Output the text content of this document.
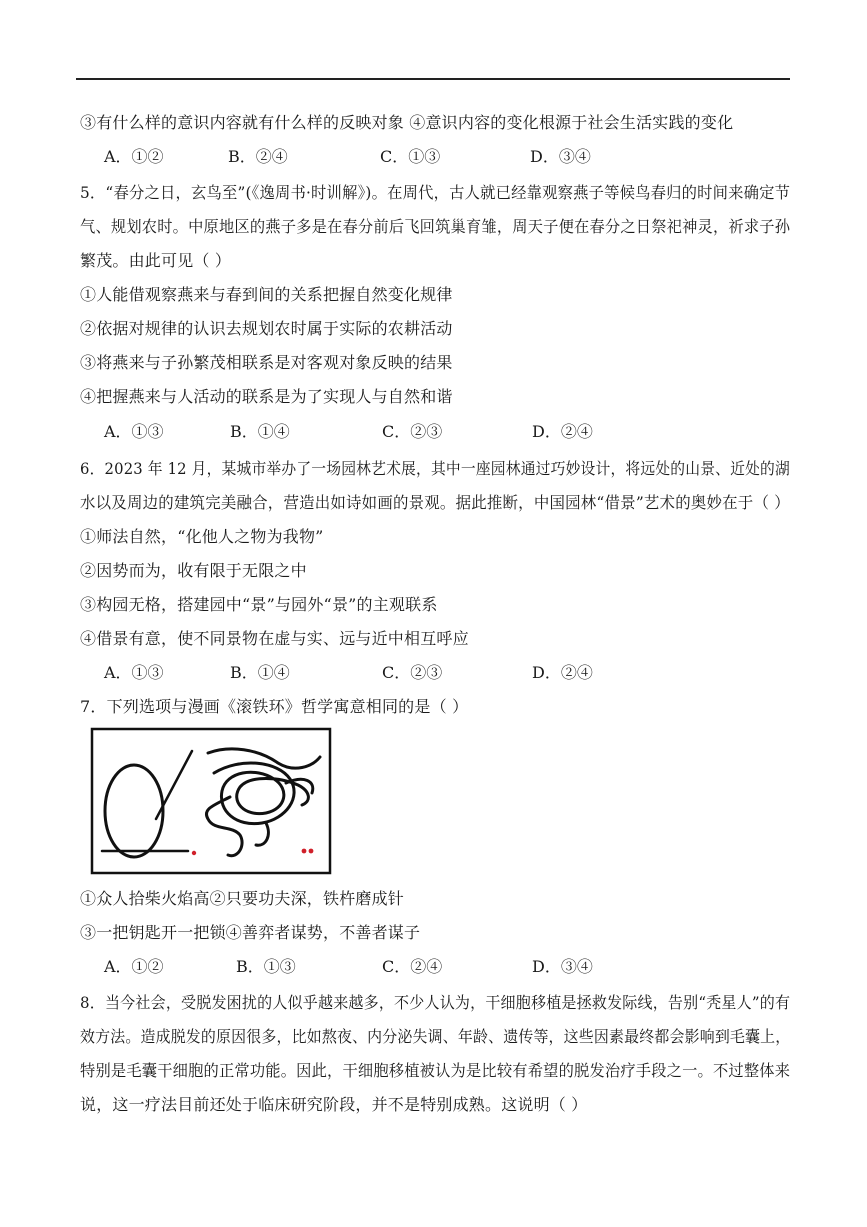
③有什么样的意识内容就有什么样的反映对象 ④意识内容的变化根源于社会生活实践的变化
A．①②	B．②④	C．①③	D．③④
5．“春分之日，玄鸟至”(《逸周书·时训解》)。在周代，古人就已经靠观察燕子等候鸟春归的时间来确定节
气、规划农时。中原地区的燕子多是在春分前后飞回筑巢育雏，周天子便在春分之日祭祀神灵，祈求子孙
繁茂。由此可见（ ）
①人能借观察燕来与春到间的关系把握自然变化规律
②依据对规律的认识去规划农时属于实际的农耕活动
③将燕来与子孙繁茂相联系是对客观对象反映的结果
④把握燕来与人活动的联系是为了实现人与自然和谐
A．①③	B．①④	C．②③	D．②④
6．2023 年 12 月，某城市举办了一场园林艺术展，其中一座园林通过巧妙设计，将远处的山景、近处的湖
水以及周边的建筑完美融合，营造出如诗如画的景观。据此推断，中国园林“借景”艺术的奥妙在于（ ）
①师法自然，“化他人之物为我物”
②因势而为，收有限于无限之中
③构园无格，搭建园中“景”与园外“景”的主观联系
④借景有意，使不同景物在虚与实、远与近中相互呼应
A．①③	B．①④	C．②③	D．②④
7．下列选项与漫画《滚铁环》哲学寓意相同的是（ ）
①众人拾柴火焰高②只要功夫深，铁杵磨成针
③一把钥匙开一把锁④善弈者谋势，不善者谋子
A．①②	B．①③	C．②④	D．③④
8．当今社会，受脱发困扰的人似乎越来越多，不少人认为，干细胞移植是拯救发际线，告别“秃星人”的有
效方法。造成脱发的原因很多，比如熬夜、内分泌失调、年龄、遗传等，这些因素最终都会影响到毛囊上，
特别是毛囊干细胞的正常功能。因此，干细胞移植被认为是比较有希望的脱发治疗手段之一。不过整体来
说，这一疗法目前还处于临床研究阶段，并不是特别成熟。这说明（ ）
